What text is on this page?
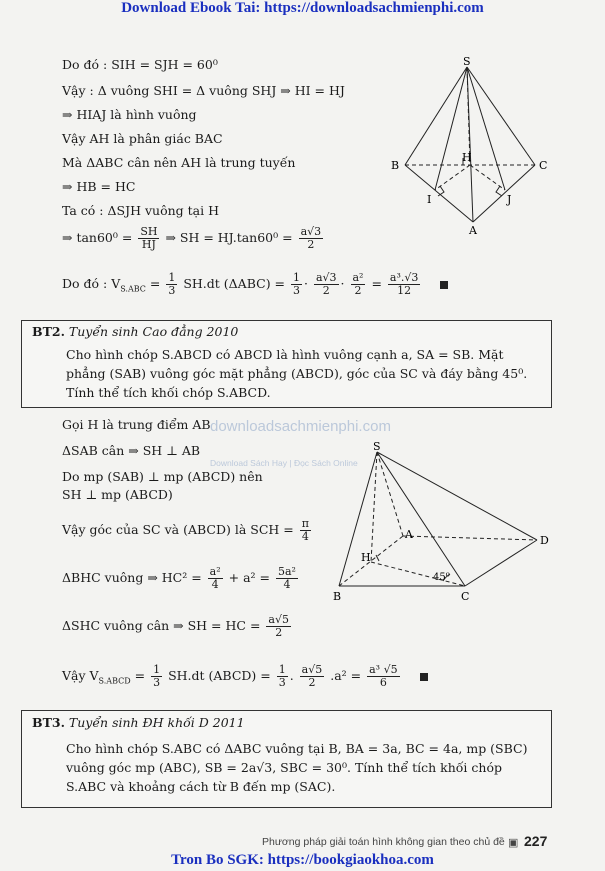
Download Ebook Tai: https://downloadsachmienphi.com
Do đó : SIH = SJH = 60⁰
Vậy : Δ vuông SHI = Δ vuông SHJ ⇒ HI = HJ
⇒ HIAJ là hình vuông
Vậy AH là phân giác BAC
Mà ΔABC cân nên AH là trung tuyến
⇒ HB = HC
Ta có : ΔSJH vuông tại H
⇒ $\tan 60^0 = \frac{SH}{HJ}$ ⇒ SH = $HJ.\tan 60^0 = \frac{a√3}{2}$
Do đó : $V_{S.ABC} = \frac{1}{3} SH.dt$ $(\Delta ABC) = \frac{1}{3} \cdot \frac{a√3}{2} \cdot \frac{\text{a²}}{2} = \frac{\text{a³.√3}}{12}$

S
B	C
H
I	J
A
BT2. Tuyển sinh Cao đẳng 2010
Cho hình chóp S.ABCD có ABCD là hình vuông cạnh a, SA = SB. Mặt phẳng (SAB) vuông góc mặt phẳng (ABCD), góc của SC và đáy bằng 45⁰. Tính thể tích khối chóp S.ABCD.
downloadsachmienphi.com
Download Sách Hay | Đọc Sách Online
Gọi H là trung điểm AB
ΔSAB cân ⇒ SH ⊥ AB
Do mp (SAB) ⊥ mp (ABCD) nên
SH ⊥ mp (ABCD)
Vậy góc của SC và (ABCD) là SCH = $\frac{\pi}{4}$
ΔBHC vuông ⇒ $HC^2 = \frac{\text{a²}}{4} + a^2 = \frac{\text{5a²}}{4}$
ΔSHC vuông cân ⇒ SH = HC = $\frac{a√5}{2}$
Vậy $V_{S.ABCD} = \frac{1}{3} SH.dt$ (ABCD) = $\frac{1}{3}$ . $\frac{a√5}{2} .a^2 = \frac{\text{a³ √5}}{6}$

S
A
B	C
D
H
45⁰
BT3. Tuyển sinh ĐH khối D 2011
Cho hình chóp S.ABC có ΔABC vuông tại B, BA = 3a, BC = 4a, mp (SBC) vuông góc mp (ABC), SB = 2a√3, SBC = 30⁰. Tính thể tích khối chóp S.ABC và khoảng cách từ B đến mp (SAC).
Phương pháp giải toán hình không gian theo chủ đề ▣ 227
Tron Bo SGK: https://bookgiaokhoa.com
